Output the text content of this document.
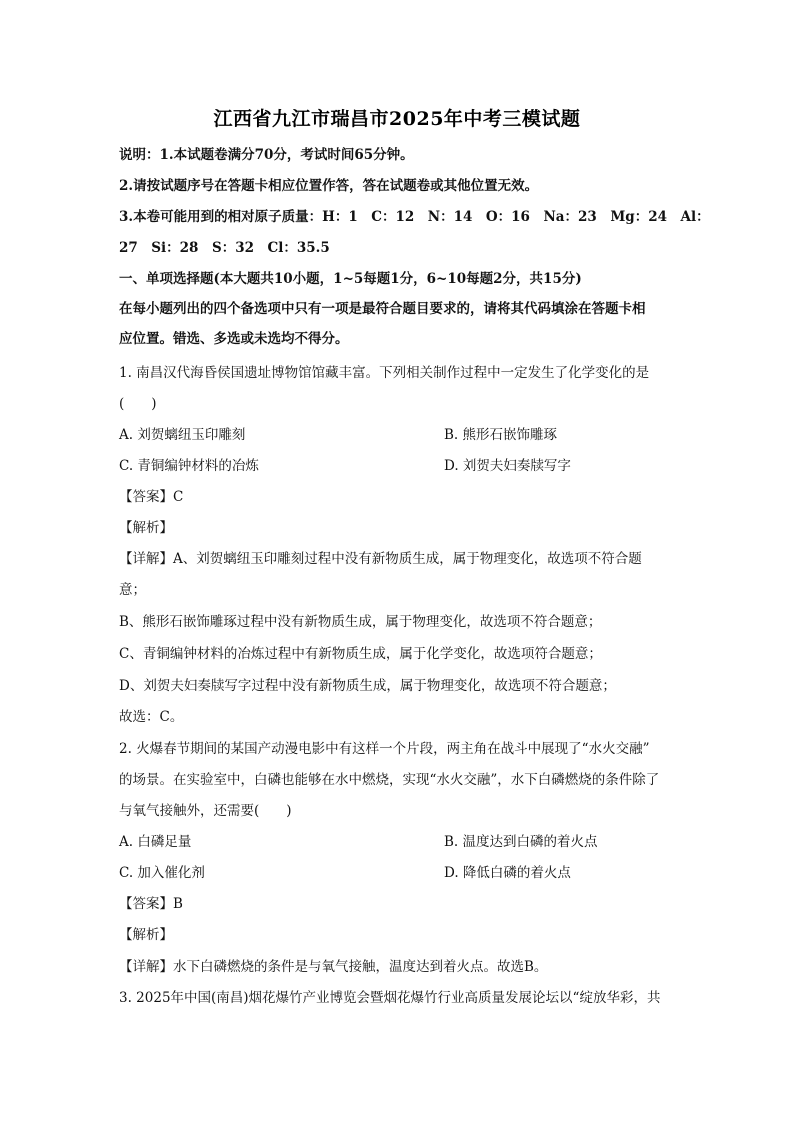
江西省九江市瑞昌市2025年中考三模试题
说明：1.本试题卷满分70分，考试时间65分钟。
2.请按试题序号在答题卡相应位置作答，答在试题卷或其他位置无效。
3.本卷可能用到的相对原子质量：H：1　C：12　N：14　O：16　Na：23　Mg：24　Al：
27　Si：28　S：32　Cl：35.5
一、单项选择题(本大题共10小题，1~5每题1分，6~10每题2分，共15分)
在每小题列出的四个备选项中只有一项是最符合题目要求的，请将其代码填涂在答题卡相
应位置。错选、多选或未选均不得分。
1. 南昌汉代海昏侯国遗址博物馆馆藏丰富。下列相关制作过程中一定发生了化学变化的是
(　　)
A. 刘贺螭纽玉印雕刻	B. 熊形石嵌饰雕琢
C. 青铜编钟材料的冶炼	D. 刘贺夫妇奏牍写字
【答案】C
【解析】
【详解】A、刘贺螭纽玉印雕刻过程中没有新物质生成，属于物理变化，故选项不符合题
意；
B、熊形石嵌饰雕琢过程中没有新物质生成，属于物理变化，故选项不符合题意；
C、青铜编钟材料的冶炼过程中有新物质生成，属于化学变化，故选项符合题意；
D、刘贺夫妇奏牍写字过程中没有新物质生成，属于物理变化，故选项不符合题意；
故选：C。
2. 火爆春节期间的某国产动漫电影中有这样一个片段，两主角在战斗中展现了“水火交融”
的场景。在实验室中，白磷也能够在水中燃烧，实现“水火交融”，水下白磷燃烧的条件除了
与氧气接触外，还需要(　　)
A. 白磷足量	B. 温度达到白磷的着火点
C. 加入催化剂	D. 降低白磷的着火点
【答案】B
【解析】
【详解】水下白磷燃烧的条件是与氧气接触，温度达到着火点。故选B。
3. 2025年中国(南昌)烟花爆竹产业博览会暨烟花爆竹行业高质量发展论坛以“绽放华彩，共
